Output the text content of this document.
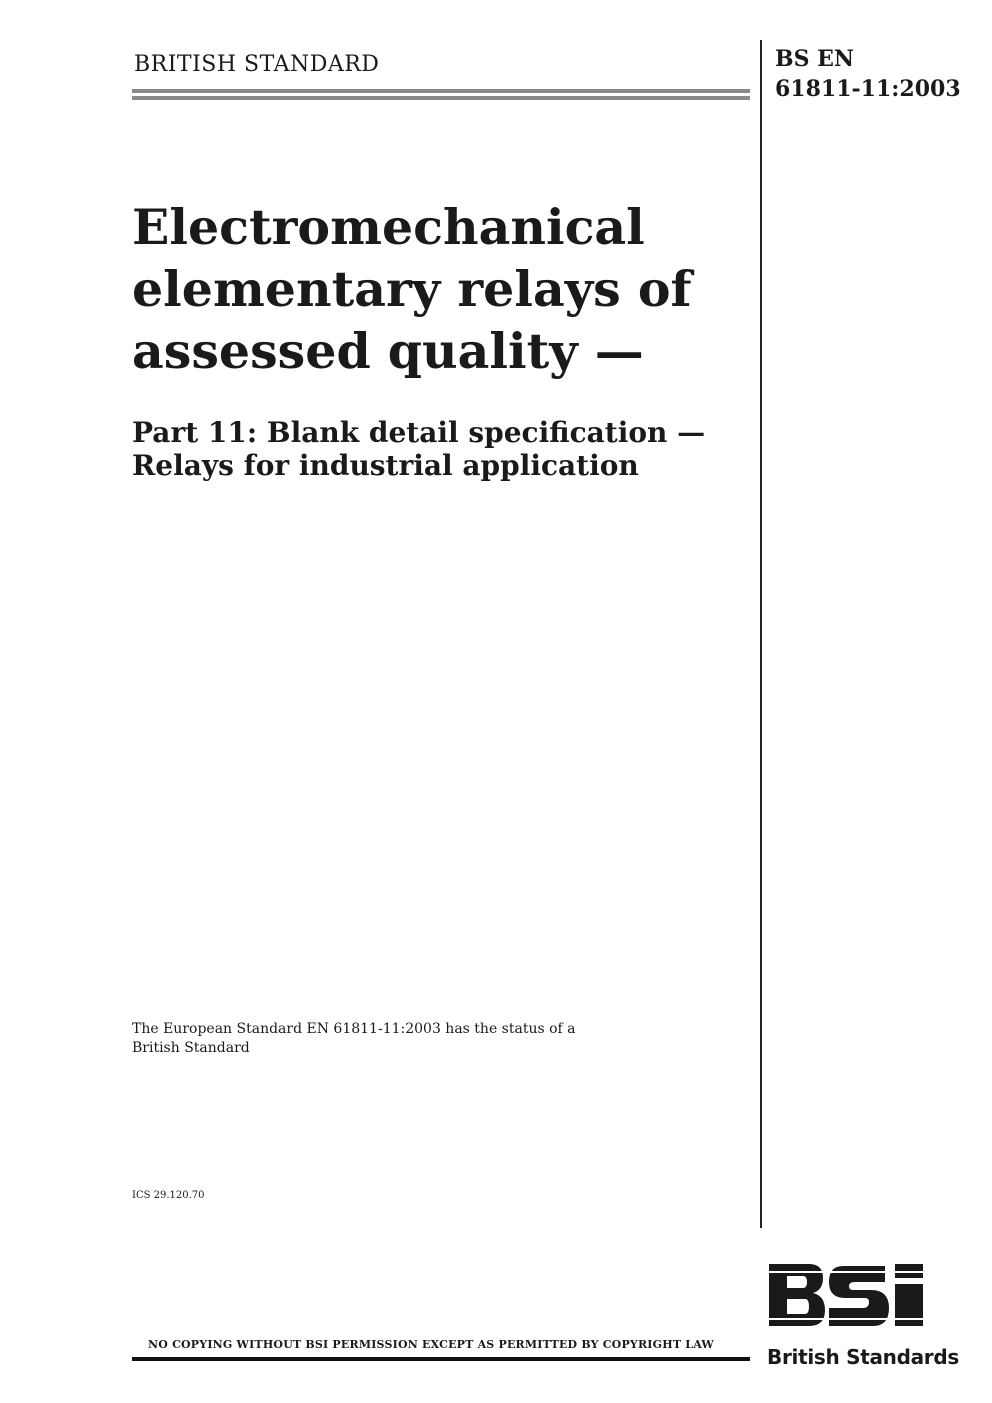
BRITISH STANDARD	BS EN
61811-11:2003
Electromechanical
elementary relays of
assessed quality —
Part 11: Blank detail specification —
Relays for industrial application
The European Standard EN 61811-11:2003 has the status of a
British Standard
ICS 29.120.70
NO COPYING WITHOUT BSI PERMISSION EXCEPT AS PERMITTED BY COPYRIGHT LAW
British Standards
